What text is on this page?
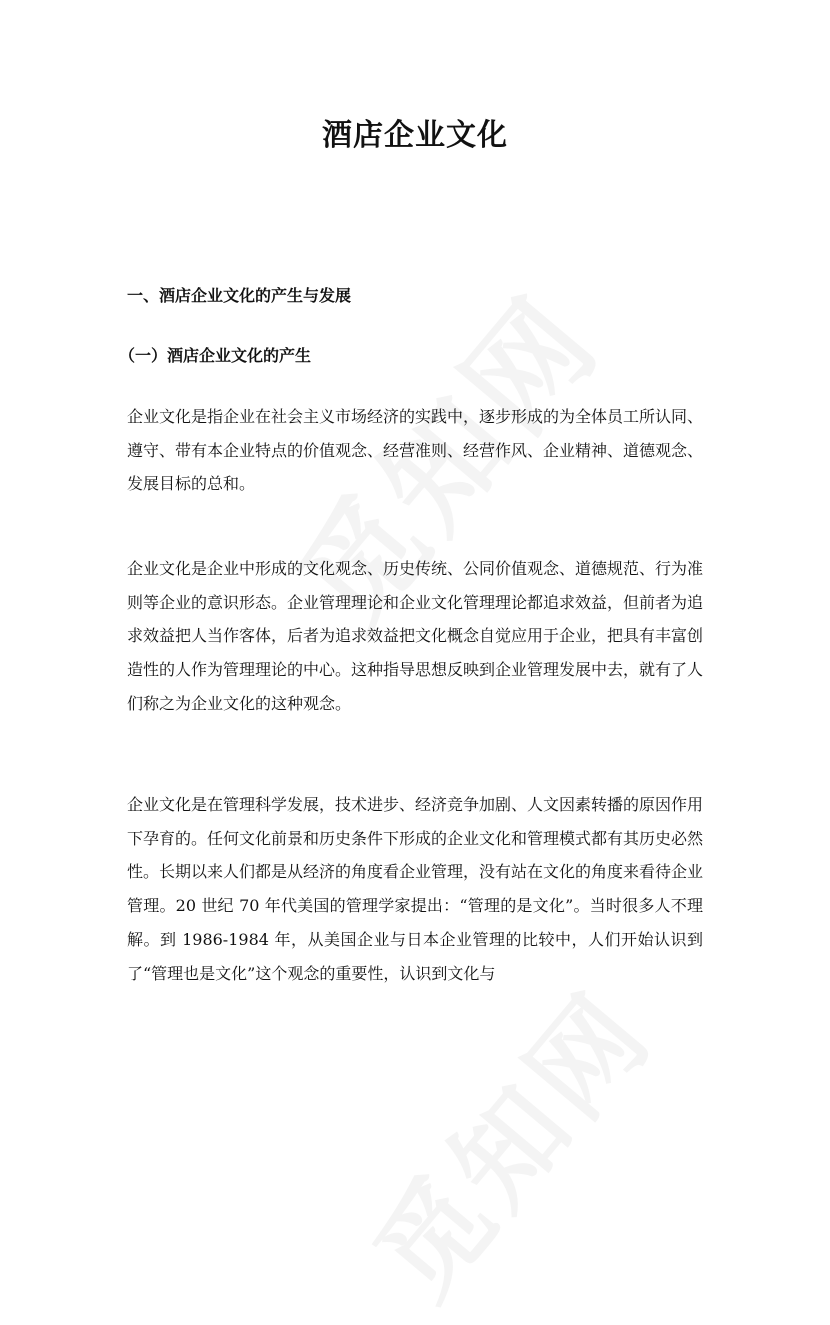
酒店企业文化
一、酒店企业文化的产生与发展
（一）酒店企业文化的产生

企业文化是指企业在社会主义市场经济的实践中，逐步形成的为全体员工所认同、遵守、带有本企业特点的价值观念、经营准则、经营作风、企业精神、道德观念、发展目标的总和。

企业文化是企业中形成的文化观念、历史传统、公同价值观念、道德规范、行为准则等企业的意识形态。企业管理理论和企业文化管理理论都追求效益，但前者为追求效益把人当作客体，后者为追求效益把文化概念自觉应用于企业，把具有丰富创造性的人作为管理理论的中心。这种指导思想反映到企业管理发展中去，就有了人们称之为企业文化的这种观念。

企业文化是在管理科学发展，技术进步、经济竞争加剧、人文因素转播的原因作用下孕育的。任何文化前景和历史条件下形成的企业文化和管理模式都有其历史必然性。长期以来人们都是从经济的角度看企业管理，没有站在文化的角度来看待企业管理。20 世纪 70 年代美国的管理学家提出：“管理的是文化”。当时很多人不理解。到 1986-1984 年，从美国企业与日本企业管理的比较中，人们开始认识到了“管理也是文化”这个观念的重要性，认识到文化与
